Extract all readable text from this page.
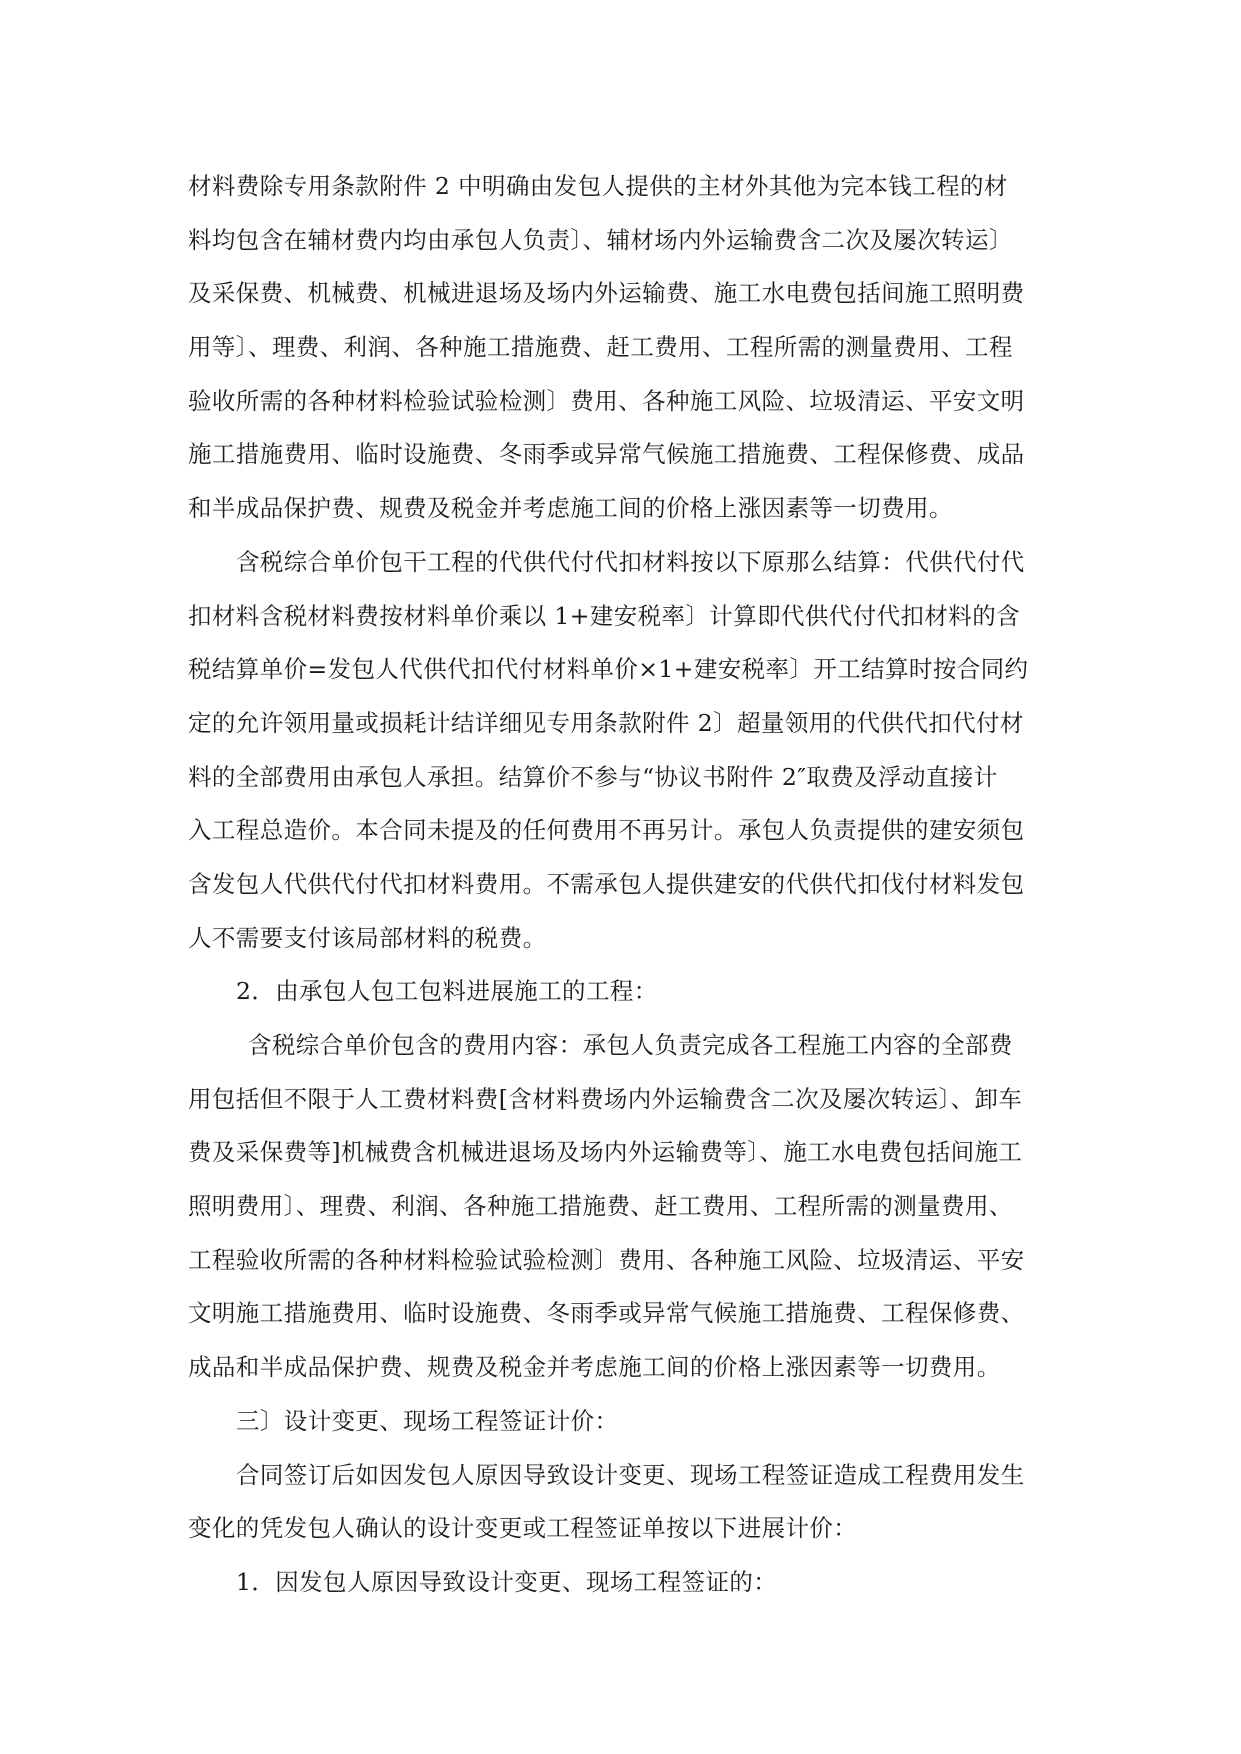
材料费除专用条款附件 2 中明确由发包人提供的主材外其他为完本钱工程的材
料均包含在辅材费内均由承包人负责〕、辅材场内外运输费含二次及屡次转运〕
及采保费、机械费、机械进退场及场内外运输费、施工水电费包括间施工照明费
用等〕、理费、利润、各种施工措施费、赶工费用、工程所需的测量费用、工程
验收所需的各种材料检验试验检测〕费用、各种施工风险、垃圾清运、平安文明
施工措施费用、临时设施费、冬雨季或异常气候施工措施费、工程保修费、成品
和半成品保护费、规费及税金并考虑施工间的价格上涨因素等一切费用。
含税综合单价包干工程的代供代付代扣材料按以下原那么结算：代供代付代
扣材料含税材料费按材料单价乘以 1+建安税率〕计算即代供代付代扣材料的含
税结算单价=发包人代供代扣代付材料单价×1+建安税率〕开工结算时按合同约
定的允许领用量或损耗计结详细见专用条款附件 2〕超量领用的代供代扣代付材
料的全部费用由承包人承担。结算价不参与“协议书附件 2″取费及浮动直接计
入工程总造价。本合同未提及的任何费用不再另计。承包人负责提供的建安须包
含发包人代供代付代扣材料费用。不需承包人提供建安的代供代扣伐付材料发包
人不需要支付该局部材料的税费。
2．由承包人包工包料进展施工的工程：
含税综合单价包含的费用内容：承包人负责完成各工程施工内容的全部费
用包括但不限于人工费材料费[含材料费场内外运输费含二次及屡次转运〕、卸车
费及采保费等]机械费含机械进退场及场内外运输费等〕、施工水电费包括间施工
照明费用〕、理费、利润、各种施工措施费、赶工费用、工程所需的测量费用、
工程验收所需的各种材料检验试验检测〕费用、各种施工风险、垃圾清运、平安
文明施工措施费用、临时设施费、冬雨季或异常气候施工措施费、工程保修费、
成品和半成品保护费、规费及税金并考虑施工间的价格上涨因素等一切费用。
三〕设计变更、现场工程签证计价：
合同签订后如因发包人原因导致设计变更、现场工程签证造成工程费用发生
变化的凭发包人确认的设计变更或工程签证单按以下进展计价：
1．因发包人原因导致设计变更、现场工程签证的：
